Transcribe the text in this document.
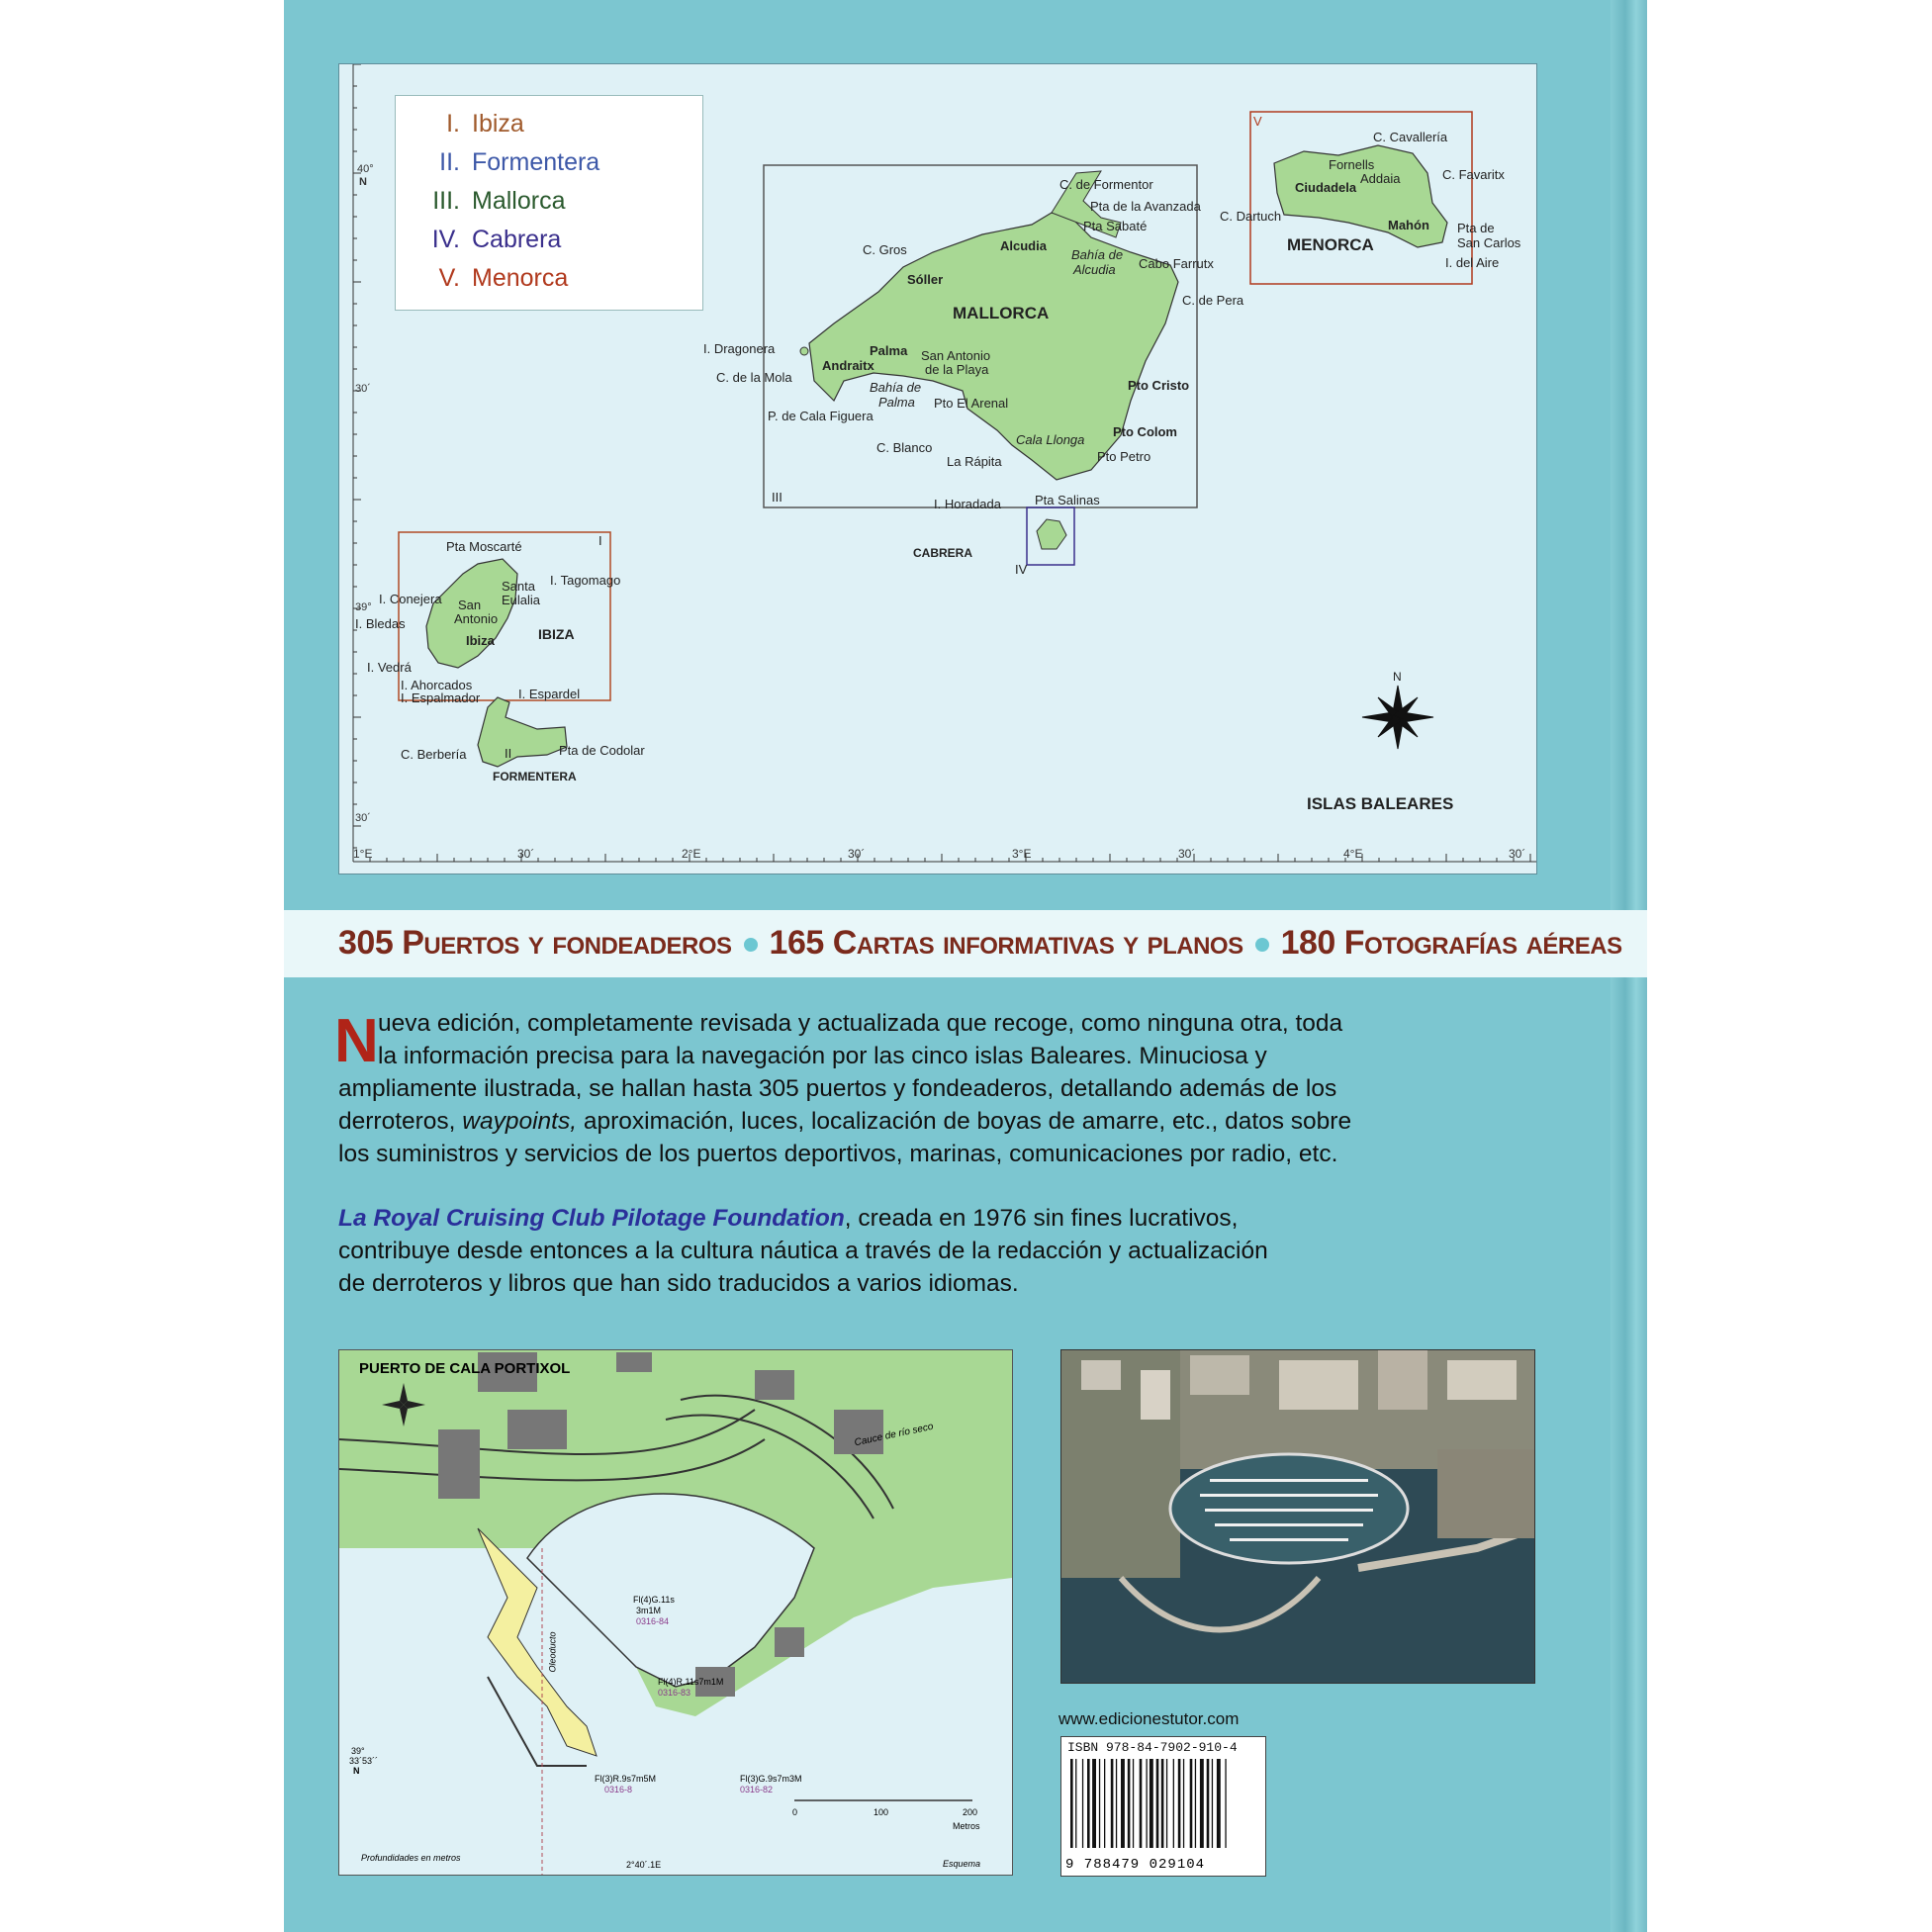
I. Ibiza
II. Formentera
III. Mallorca
IV. Cabrera
V. Menorca
40°
N
30´
39°
30´
1°E	30´	2°E	30´	3°E	30´	4°E	30´
III
V
I
II
IV
MALLORCA
MENORCA
IBIZA
FORMENTERA
CABRERA
C. de Formentor
Pta de la Avanzada
Pta Sabaté
C. Dartuch
C. Gros	Alcudia
Bahía de
Alcudia Cabo Farrutx
Sóller
C. de Pera
I. Dragonera	Palma
Andraitx
San Antonio
de la Playa
C. de la Mola
Bahía de
Palma Pto El Arenal
Pto Cristo
P. de Cala Figuera
Cala Llonga
Pto Colom
C. Blanco
La Rápita	Pto Petro
I. Horadada	Pta Salinas
C. Cavallería
Fornells
Addaia	C. Favaritx
Ciudadela
Mahón Pta de
San Carlos
I. del Aire
Pta Moscarté
Santa
Eulalia
I. Tagomago
I. Conejera San
Antonio
I. Bledas
Ibiza
I. Vedrá
I. Ahorcados
I. Espalmador	I. Espardel
C. Berbería	Pta de Codolar
N
ISLAS BALEARES
305 Puertos y fondeaderos 165 Cartas informativas y planos 180 Fotografías aéreas
N ueva edición, completamente revisada y actualizada que recoge, como ninguna otra, toda
la información precisa para la navegación por las cinco islas Baleares. Minuciosa y
ampliamente ilustrada, se hallan hasta 305 puertos y fondeaderos, detallando además de los
derroteros, waypoints, aproximación, luces, localización de boyas de amarre, etc., datos sobre
los suministros y servicios de los puertos deportivos, marinas, comunicaciones por radio, etc.
La Royal Cruising Club Pilotage Foundation, creada en 1976 sin fines lucrativos,
contribuye desde entonces a la cultura náutica a través de la redacción y actualización
de derroteros y libros que han sido traducidos a varios idiomas.
PUERTO DE CALA PORTIXOL
Cauce de río seco
Oleoducto
Fl(4)G.11s
3m1M
0316-84
Fl(4)R.11s7m1M
0316-83
Fl(3)R.9s7m5M
0316-8
Fl(3)G.9s7m3M
0316-82
39°
33´53´´
N
2°40´.1E
Profundidades en metros
Esquema
0	100	200
Metros
www.edicionestutor.com
ISBN 978-84-7902-910-4
9 788479 029104
